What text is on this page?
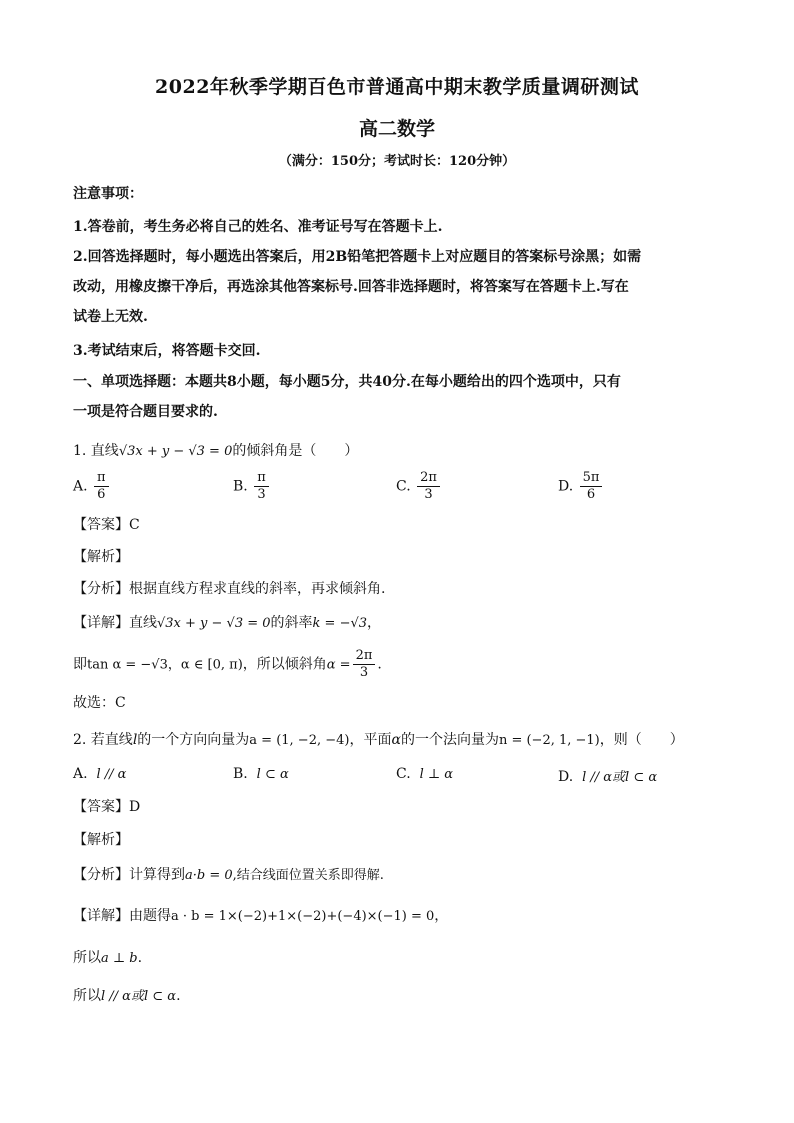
2022年秋季学期百色市普通高中期末教学质量调研测试
高二数学
（满分：150分；考试时长：120分钟）
注意事项：
1.答卷前，考生务必将自己的姓名、准考证号写在答题卡上.
2.回答选择题时，每小题选出答案后，用2B铅笔把答题卡上对应题目的答案标号涂黑；如需
改动，用橡皮擦干净后，再选涂其他答案标号.回答非选择题时，将答案写在答题卡上.写在
试卷上无效.
3.考试结束后，将答题卡交回.
一、单项选择题：本题共8小题，每小题5分，共40分.在每小题给出的四个选项中，只有
一项是符合题目要求的.
1. 直线√3x + y − √3 = 0的倾斜角是（　　）
A. $\frac{\pi}{6}$	B. $\frac{\pi}{3}$	C. $\frac{2\pi}{3}$	D. $\frac{5\pi}{6}$
【答案】C
【解析】
【分析】根据直线方程求直线的斜率，再求倾斜角.
【详解】直线√3x + y − √3 = 0的斜率k = −√3，
即tan α = −√3，α ∈ [0, π)，所以倾斜角$\alpha = \frac{2\pi}{3}$ .
故选：C
2. 若直线l的一个方向向量为a = (1, −2, −4)，平面α的一个法向量为n = (−2, 1, −1)，则（　　）
A. l // α	B. l ⊂ α	C. l ⊥ α	D. l // α或l ⊂ α
【答案】D
【解析】
【分析】计算得到a·b = 0,结合线面位置关系即得解.
【详解】由题得a · b = 1×(−2)+1×(−2)+(−4)×(−1) = 0，
所以a ⊥ b.
所以l // α或l ⊂ α.
